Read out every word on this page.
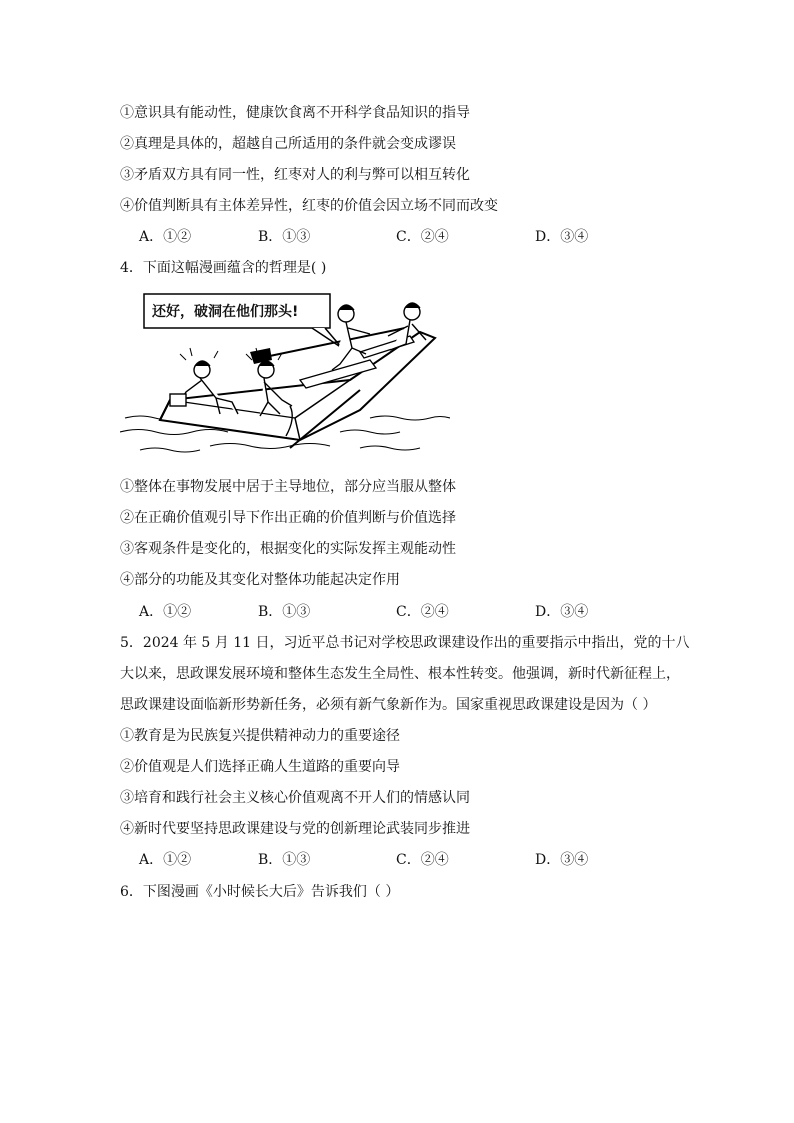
①意识具有能动性，健康饮食离不开科学食品知识的指导
②真理是具体的，超越自己所适用的条件就会变成谬误
③矛盾双方具有同一性，红枣对人的利与弊可以相互转化
④价值判断具有主体差异性，红枣的价值会因立场不同而改变
A．①②	B．①③	C．②④	D．③④
4．下面这幅漫画蕴含的哲理是( )
还好，破洞在他们那头!
①整体在事物发展中居于主导地位，部分应当服从整体
②在正确价值观引导下作出正确的价值判断与价值选择
③客观条件是变化的，根据变化的实际发挥主观能动性
④部分的功能及其变化对整体功能起决定作用
A．①②	B．①③	C．②④	D．③④
5．2024 年 5 月 11 日，习近平总书记对学校思政课建设作出的重要指示中指出，党的十八
大以来，思政课发展环境和整体生态发生全局性、根本性转变。他强调，新时代新征程上，
思政课建设面临新形势新任务，必须有新气象新作为。国家重视思政课建设是因为（ ）
①教育是为民族复兴提供精神动力的重要途径
②价值观是人们选择正确人生道路的重要向导
③培育和践行社会主义核心价值观离不开人们的情感认同
④新时代要坚持思政课建设与党的创新理论武装同步推进
A．①②	B．①③	C．②④	D．③④
6．下图漫画《小时候长大后》告诉我们（ ）
